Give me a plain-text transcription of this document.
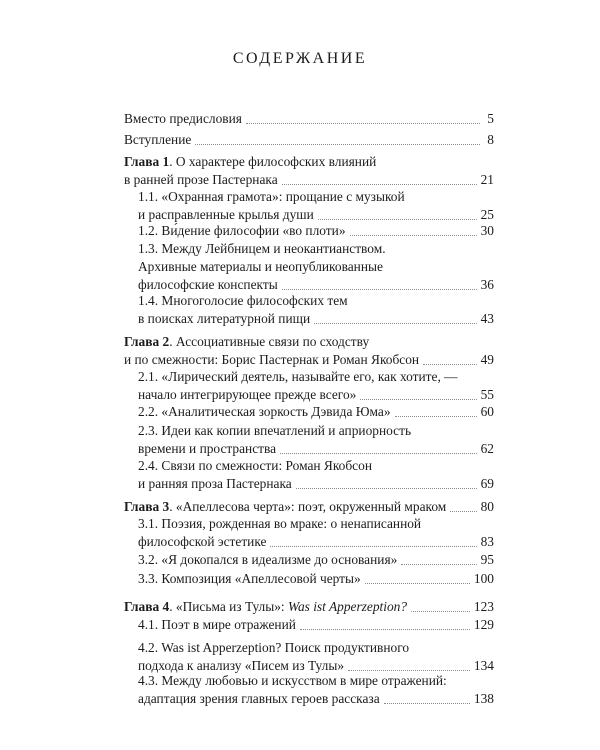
СОДЕРЖАНИЕ
Вместо предисловия	5
Вступление	8
Глава 1 . О характере философских влияний
в ранней прозе Пастернака	21
1.1. «Охранная грамота»: прощание с музыкой
и расправленные крылья души	25
1.2. Ви́дение философии «во плоти»	30
1.3. Между Лейбницем и неокантианством.
Архивные материалы и неопубликованные
философские конспекты	36
1.4. Многоголосие философских тем
в поисках литературной пищи	43
Глава 2 . Ассоциативные связи по сходству
и по смежности: Борис Пастернак и Роман Якобсон	49
2.1. «Лирический деятель, называйте его, как хотите, —
начало интегрирующее прежде всего»	55
2.2. «Аналитическая зоркость Дэвида Юма»	60
2.3. Идеи как копии впечатлений и априорность
времени и пространства	62
2.4. Связи по смежности: Роман Якобсон
и ранняя проза Пастернака	69
Глава 3 . «Апеллесова черта»: поэт, окруженный мраком	80
3.1. Поэзия, рожденная во мраке: о ненаписанной
философской эстетике	83
3.2. «Я докопался в идеализме до основания»	95
3.3. Композиция «Апеллесовой черты»	100
Глава 4 . «Письма из Тулы»: Was ist Apperzeption?	123
4.1. Поэт в мире отражений	129
4.2. Was ist Apperzeption? Поиск продуктивного
подхода к анализу «Писем из Тулы»	134
4.3. Между любовью и искусством в мире отражений:
адаптация зрения главных героев рассказа	138
